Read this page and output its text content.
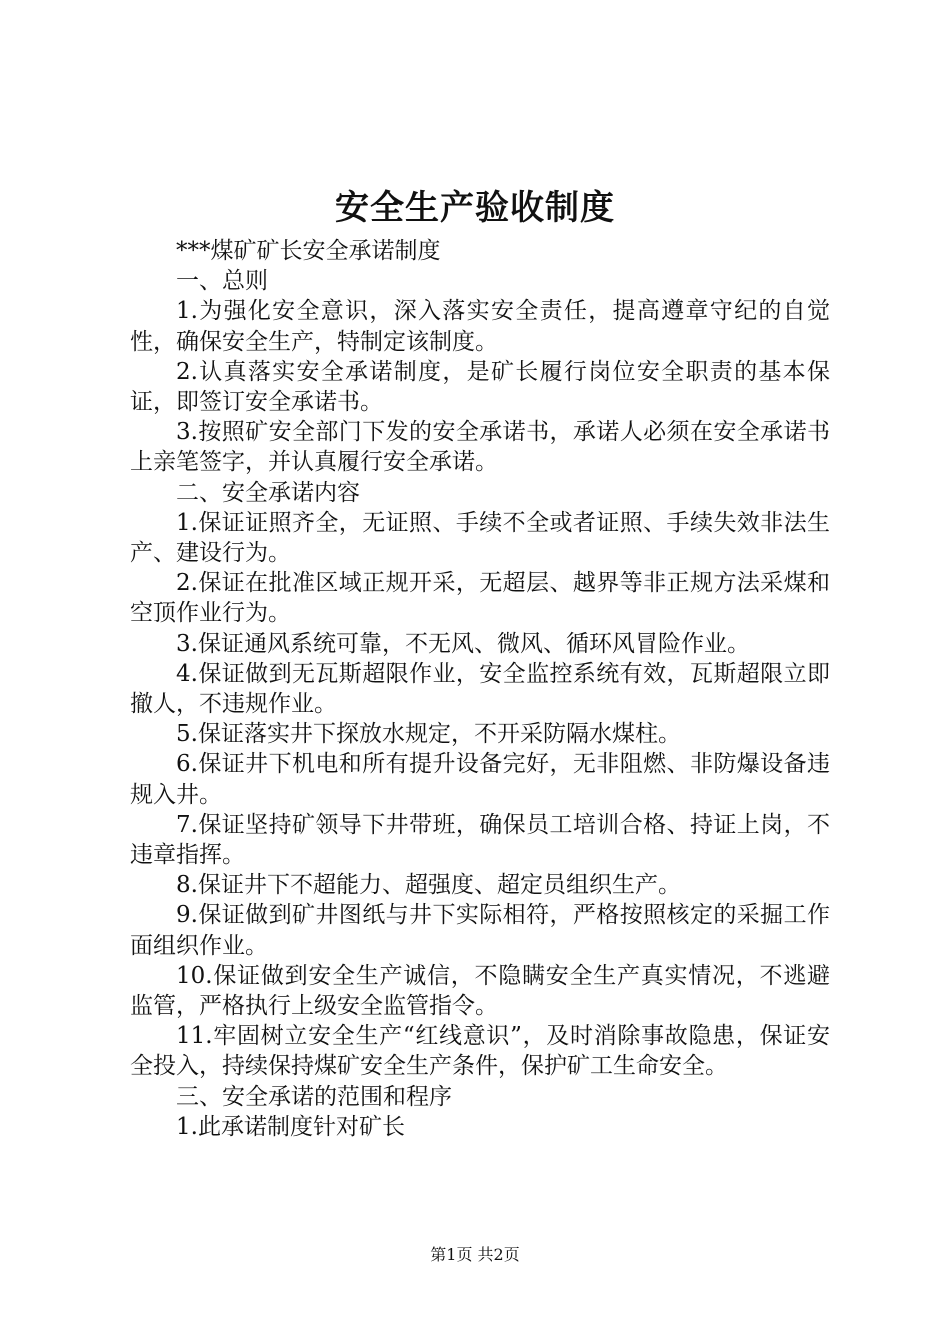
安全生产验收制度

***煤矿矿长安全承诺制度

一、总则

1.为强化安全意识，深入落实安全责任，提高遵章守纪的自觉性，确保安全生产，特制定该制度。

2.认真落实安全承诺制度，是矿长履行岗位安全职责的基本保证，即签订安全承诺书。

3.按照矿安全部门下发的安全承诺书，承诺人必须在安全承诺书上亲笔签字，并认真履行安全承诺。

二、安全承诺内容

1.保证证照齐全，无证照、手续不全或者证照、手续失效非法生产、建设行为。

2.保证在批准区域正规开采，无超层、越界等非正规方法采煤和空顶作业行为。

3.保证通风系统可靠，不无风、微风、循环风冒险作业。

4.保证做到无瓦斯超限作业，安全监控系统有效，瓦斯超限立即撤人，不违规作业。

5.保证落实井下探放水规定，不开采防隔水煤柱。

6.保证井下机电和所有提升设备完好，无非阻燃、非防爆设备违规入井。

7.保证坚持矿领导下井带班，确保员工培训合格、持证上岗，不违章指挥。

8.保证井下不超能力、超强度、超定员组织生产。

9.保证做到矿井图纸与井下实际相符，严格按照核定的采掘工作面组织作业。

10.保证做到安全生产诚信，不隐瞒安全生产真实情况，不逃避监管，严格执行上级安全监管指令。

11.牢固树立安全生产“红线意识”，及时消除事故隐患，保证安全投入，持续保持煤矿安全生产条件，保护矿工生命安全。

三、安全承诺的范围和程序

1.此承诺制度针对矿长

第1页 共2页
